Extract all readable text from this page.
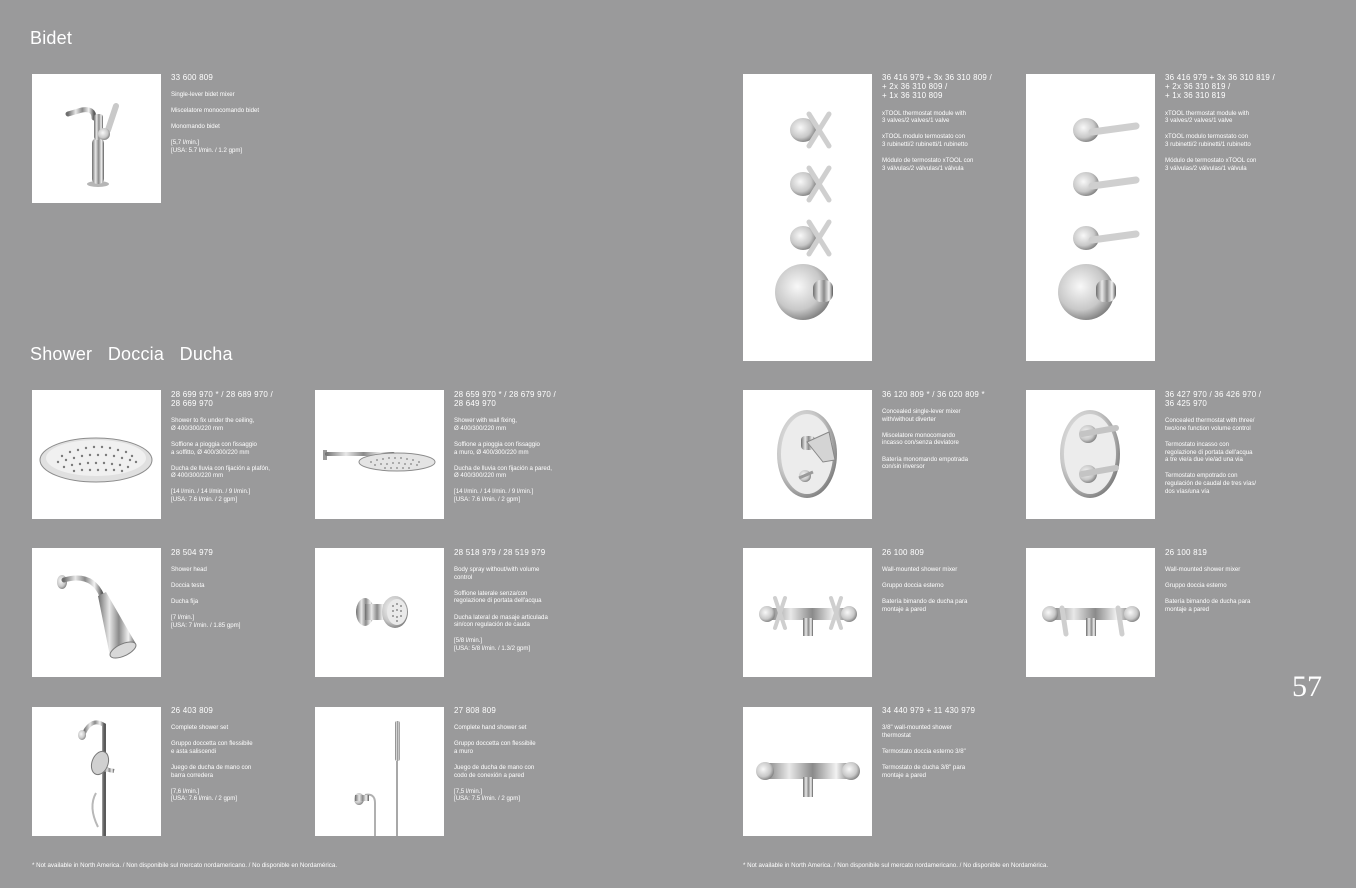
Bidet
Shower   Doccia   Ducha
33 600 809

Single-lever bidet mixer

Miscelatore monocomando bidet

Monomando bidet

[5,7 l/min.]
[USA: 5.7 l/min. / 1.2 gpm]

28 699 970 * / 28 689 970 /
28 669 970

Shower to fix under the ceiling,
Ø 400/300/220 mm

Soffione a pioggia con fissaggio
a soffitto, Ø 400/300/220 mm

Ducha de lluvia con fijación a plafón,
Ø 400/300/220 mm

[14 l/min. / 14 l/min. / 9 l/min.]
[USA: 7.6 l/min. / 2 gpm]

28 659 970 * / 28 679 970 /
28 649 970

Shower with wall fixing,
Ø 400/300/220 mm

Soffione a pioggia con fissaggio
a muro, Ø 400/300/220 mm

Ducha de lluvia con fijación a pared,
Ø 400/300/220 mm

[14 l/min. / 14 l/min. / 9 l/min.]
[USA: 7.6 l/min. / 2 gpm]

28 504 979

Shower head

Doccia testa

Ducha fija

[7 l/min.]
[USA: 7 l/min. / 1.85 gpm]

28 518 979 / 28 519 979

Body spray without/with volume
control

Soffione laterale senza/con
regolazione di portata dell'acqua

Ducha lateral de masaje articulada
sin/con regulación de cauda

[5/8 l/min.]
[USA: 5/8 l/min. / 1.3/2 gpm]

26 403 809

Complete shower set

Gruppo doccetta con flessibile
e asta saliscendi

Juego de ducha de mano con
barra corredera

[7,6 l/min.]
[USA: 7.6 l/min. / 2 gpm]

27 808 809

Complete hand shower set

Gruppo doccetta con flessibile
a muro

Juego de ducha de mano con
codo de conexión a pared

[7,5 l/min.]
[USA: 7.5 l/min. / 2 gpm]

36 416 979 + 3x 36 310 809 /
+ 2x 36 310 809 /
+ 1x 36 310 809

xTOOL thermostat module with
3 valves/2 valves/1 valve

xTOOL modulo termostato con
3 rubinetti/2 rubinetti/1 rubinetto

Módulo de termostato xTOOL con
3 válvulas/2 válvulas/1 válvula

36 416 979 + 3x 36 310 819 /
+ 2x 36 310 819 /
+ 1x 36 310 819

xTOOL thermostat module with
3 valves/2 valves/1 valve

xTOOL modulo termostato con
3 rubinetti/2 rubinetti/1 rubinetto

Módulo de termostato xTOOL con
3 válvulas/2 válvulas/1 válvula

36 120 809 * / 36 020 809 *

Concealed single-lever mixer
with/without diverter

Miscelatore monocomando
incasso con/senza deviatore

Batería monomando empotrada
con/sin inversor

36 427 970 / 36 426 970 /
36 425 970

Concealed thermostat with three/
two/one function volume control

Termostato incasso con
regolazione di portata dell'acqua
a tre vie/a due vie/ad una via

Termostato empotrado con
regulación de caudal de tres vías/
dos vías/una vía

26 100 809

Wall-mounted shower mixer

Gruppo doccia esterno

Batería bimando de ducha para
montaje a pared

26 100 819

Wall-mounted shower mixer

Gruppo doccia esterno

Batería bimando de ducha para
montaje a pared

34 440 979 + 11 430 979

3/8" wall-mounted shower
thermostat

Termostato doccia esterno 3/8"

Termostato de ducha 3/8" para
montaje a pared

57
* Not available in North America. / Non disponibile sul mercato nordamericano. / No disponible en Nordamérica.	* Not available in North America. / Non disponibile sul mercato nordamericano. / No disponible en Nordamérica.
